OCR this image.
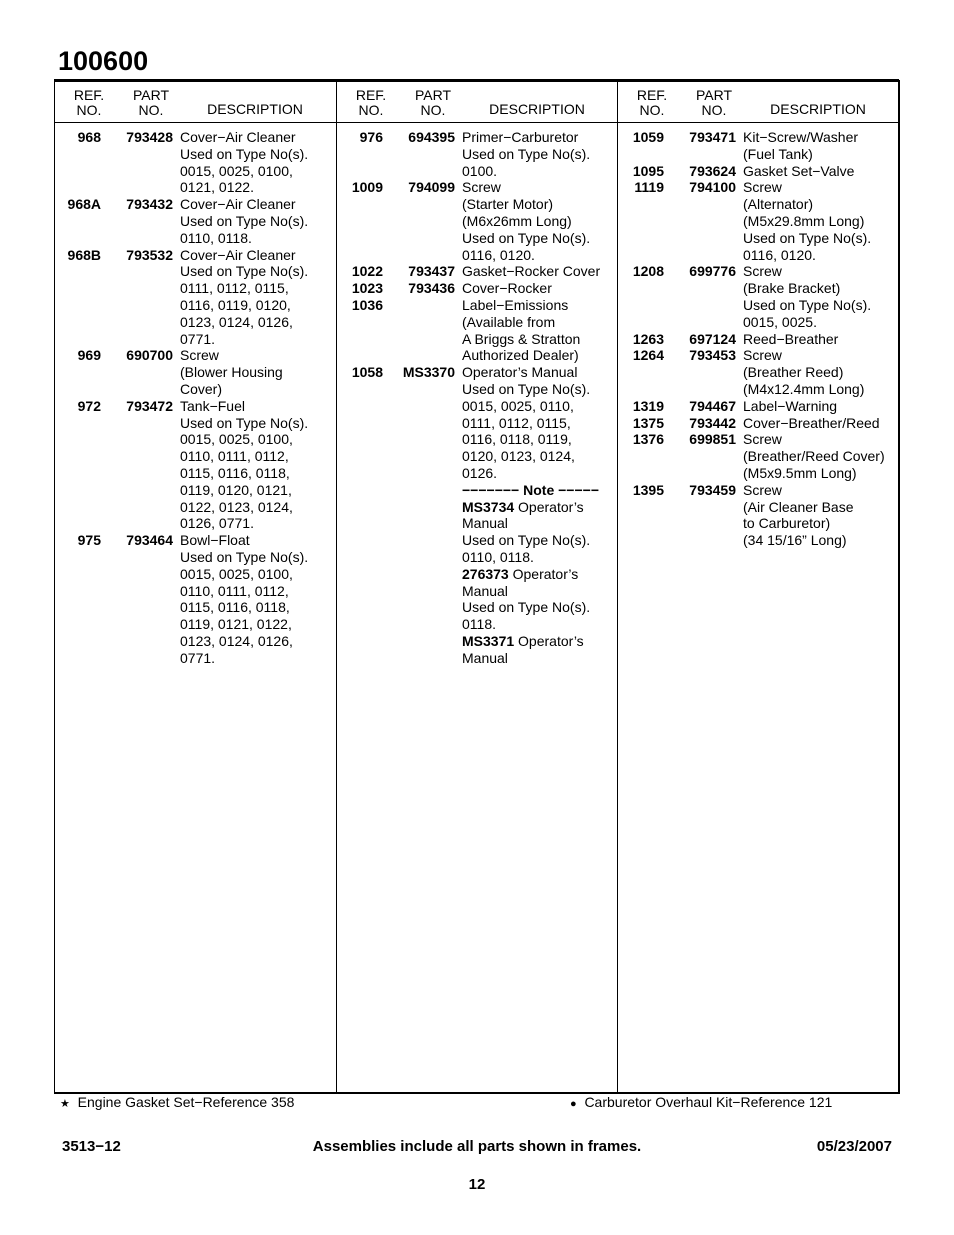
100600
REF.
NO.
PART
NO.	DESCRIPTION
968	793428 Cover−Air Cleaner
Used on Type No(s).
0015, 0025, 0100,
0121, 0122.
968A	793432 Cover−Air Cleaner
Used on Type No(s).
0110, 0118.
968B	793532 Cover−Air Cleaner
Used on Type No(s).
0111, 0112, 0115,
0116, 0119, 0120,
0123, 0124, 0126,
0771.
969	690700 Screw
(Blower Housing
Cover)
972	793472 Tank−Fuel
Used on Type No(s).
0015, 0025, 0100,
0110, 0111, 0112,
0115, 0116, 0118,
0119, 0120, 0121,
0122, 0123, 0124,
0126, 0771.
975	793464 Bowl−Float
Used on Type No(s).
0015, 0025, 0100,
0110, 0111, 0112,
0115, 0116, 0118,
0119, 0121, 0122,
0123, 0124, 0126,
0771.
REF.
NO.
PART
NO.	DESCRIPTION
976	694395 Primer−Carburetor
Used on Type No(s).
0100.
1009	794099 Screw
(Starter Motor)
(M6x26mm Long)
Used on Type No(s).
0116, 0120.
1022	793437 Gasket−Rocker Cover
1023	793436 Cover−Rocker
1036	Label−Emissions
(Available from
A Briggs & Stratton
Authorized Dealer)
1058	MS3370 Operator’s Manual
Used on Type No(s).
0015, 0025, 0110,
0111, 0112, 0115,
0116, 0118, 0119,
0120, 0123, 0124,
0126.
−−−−−−− Note −−−−−
MS3734 Operator’s
Manual
Used on Type No(s).
0110, 0118.
276373 Operator’s
Manual
Used on Type No(s).
0118.
MS3371 Operator’s
Manual
REF.
NO.
PART
NO.	DESCRIPTION
1059	793471 Kit−Screw/Washer
(Fuel Tank)
1095	793624 Gasket Set−Valve
1119	794100 Screw
(Alternator)
(M5x29.8mm Long)
Used on Type No(s).
0116, 0120.
1208	699776 Screw
(Brake Bracket)
Used on Type No(s).
0015, 0025.
1263	697124 Reed−Breather
1264	793453 Screw
(Breather Reed)
(M4x12.4mm Long)
1319	794467 Label−Warning
1375	793442 Cover−Breather/Reed
1376	699851 Screw
(Breather/Reed Cover)
(M5x9.5mm Long)
1395	793459 Screw
(Air Cleaner Base
to Carburetor)
(34 15/16” Long)
★ Engine Gasket Set−Reference 358	● Carburetor Overhaul Kit−Reference 121
3513−12	Assemblies include all parts shown in frames.	05/23/2007
12
